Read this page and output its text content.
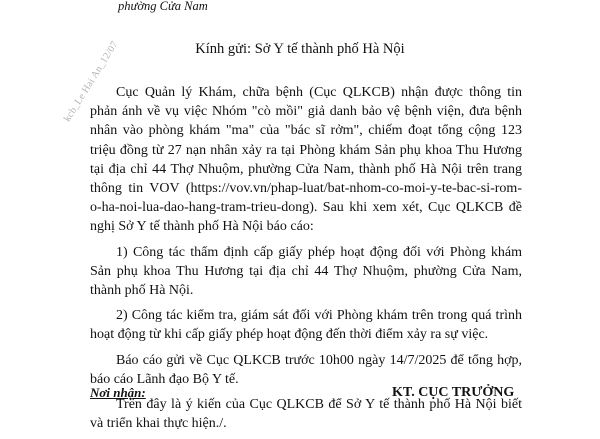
phường Cửa Nam
kcb_Le Hai An_12/07	Kính gửi: Sở Y tế thành phố Hà Nội

Cục Quản lý Khám, chữa bệnh (Cục QLKCB) nhận được thông tin phản ánh về vụ việc Nhóm "cò mồi" giả danh bảo vệ bệnh viện, đưa bệnh nhân vào phòng khám "ma" của "bác sĩ rởm", chiếm đoạt tổng cộng 123 triệu đồng từ 27 nạn nhân xảy ra tại Phòng khám Sản phụ khoa Thu Hương tại địa chỉ 44 Thợ Nhuộm, phường Cửa Nam, thành phố Hà Nội trên trang thông tin VOV (https://vov.vn/phap-luat/bat-nhom-co-moi-y-te-bac-si-rom-o-ha-noi-lua-dao-hang-tram-trieu-dong). Sau khi xem xét, Cục QLKCB đề nghị Sở Y tế thành phố Hà Nội báo cáo:

1) Công tác thẩm định cấp giấy phép hoạt động đối với Phòng khám Sản phụ khoa Thu Hương tại địa chỉ 44 Thợ Nhuộm, phường Cửa Nam, thành phố Hà Nội.

2) Công tác kiểm tra, giám sát đối với Phòng khám trên trong quá trình hoạt động từ khi cấp giấy phép hoạt động đến thời điểm xảy ra sự việc.

Báo cáo gửi về Cục QLKCB trước 10h00 ngày 14/7/2025 để tổng hợp, báo cáo Lãnh đạo Bộ Y tế.

Trên đây là ý kiến của Cục QLKCB để Sở Y tế thành phố Hà Nội biết và triển khai thực hiện./.

Nơi nhận:	KT. CỤC TRƯỞNG
